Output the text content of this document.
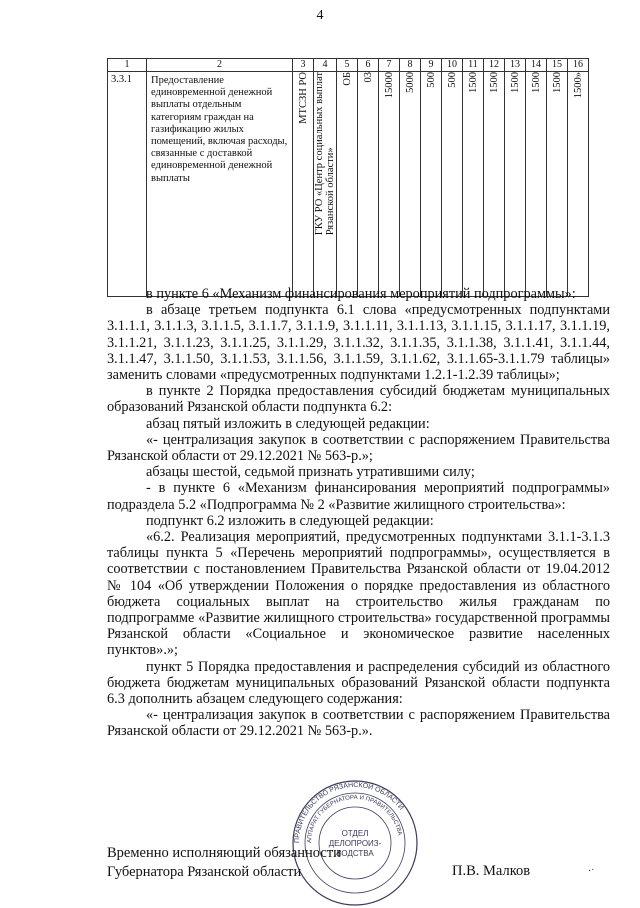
4
1	2	3	4	5	6	7	8	9	10	11	12	13	14	15	16

3.3.1	Предоставление единовременной денежной выплаты отдельным категориям граждан на газификацию жилых помещений, включая расходы, связанные с доставкой единовременной денежной выплаты	МТСЗН РО	ГКУ РО «Центр социальных выплат Рязанской области»	ОБ	03	15000	5000	500	500	1500	1500	1500	1500	1500	1500»

в пункте 6 «Механизм финансирования мероприятий подпрограммы»:

в абзаце третьем подпункта 6.1 слова «предусмотренных подпунктами 3.1.1.1, 3.1.1.3, 3.1.1.5, 3.1.1.7, 3.1.1.9, 3.1.1.11, 3.1.1.13, 3.1.1.15, 3.1.1.17, 3.1.1.19, 3.1.1.21, 3.1.1.23, 3.1.1.25, 3.1.1.29, 3.1.1.32, 3.1.1.35, 3.1.1.38, 3.1.1.41, 3.1.1.44, 3.1.1.47, 3.1.1.50, 3.1.1.53, 3.1.1.56, 3.1.1.59, 3.1.1.62, 3.1.1.65-3.1.1.79 таблицы» заменить словами «предусмотренных подпунктами 1.2.1-1.2.39 таблицы»;

в пункте 2 Порядка предоставления субсидий бюджетам муниципальных образований Рязанской области подпункта 6.2:

абзац пятый изложить в следующей редакции:

«- централизация закупок в соответствии с распоряжением Правительства Рязанской области от 29.12.2021 № 563-р.»;

абзацы шестой, седьмой признать утратившими силу;

- в пункте 6 «Механизм финансирования мероприятий подпрограммы» подраздела 5.2 «Подпрограмма № 2 «Развитие жилищного строительства»:

подпункт 6.2 изложить в следующей редакции:

«6.2. Реализация мероприятий, предусмотренных подпунктами 3.1.1-3.1.3 таблицы пункта 5 «Перечень мероприятий подпрограммы», осуществляется в соответствии с постановлением Правительства Рязанской области от 19.04.2012 № 104 «Об утверждении Положения о порядке предоставления из областного бюджета социальных выплат на строительство жилья гражданам по подпрограмме «Развитие жилищного строительства» государственной программы Рязанской области «Социальное и экономическое развитие населенных пунктов».»;

пункт 5 Порядка предоставления и распределения субсидий из областного бюджета бюджетам муниципальных образований Рязанской области подпункта 6.3 дополнить абзацем следующего содержания:

«- централизация закупок в соответствии с распоряжением Правительства Рязанской области от 29.12.2021 № 563-р.».

ПРАВИТЕЛЬСТВО РЯЗАНСКОЙ ОБЛАСТИ
АППАРАТ ГУБЕРНАТОРА И ПРАВИТЕЛЬСТВА
ОТДЕЛ
ДЕЛОПРОИЗ-
ВОДСТВА
Временно исполняющий обязанности
Губернатора Рязанской области	П.В. Малков	·ˑ
